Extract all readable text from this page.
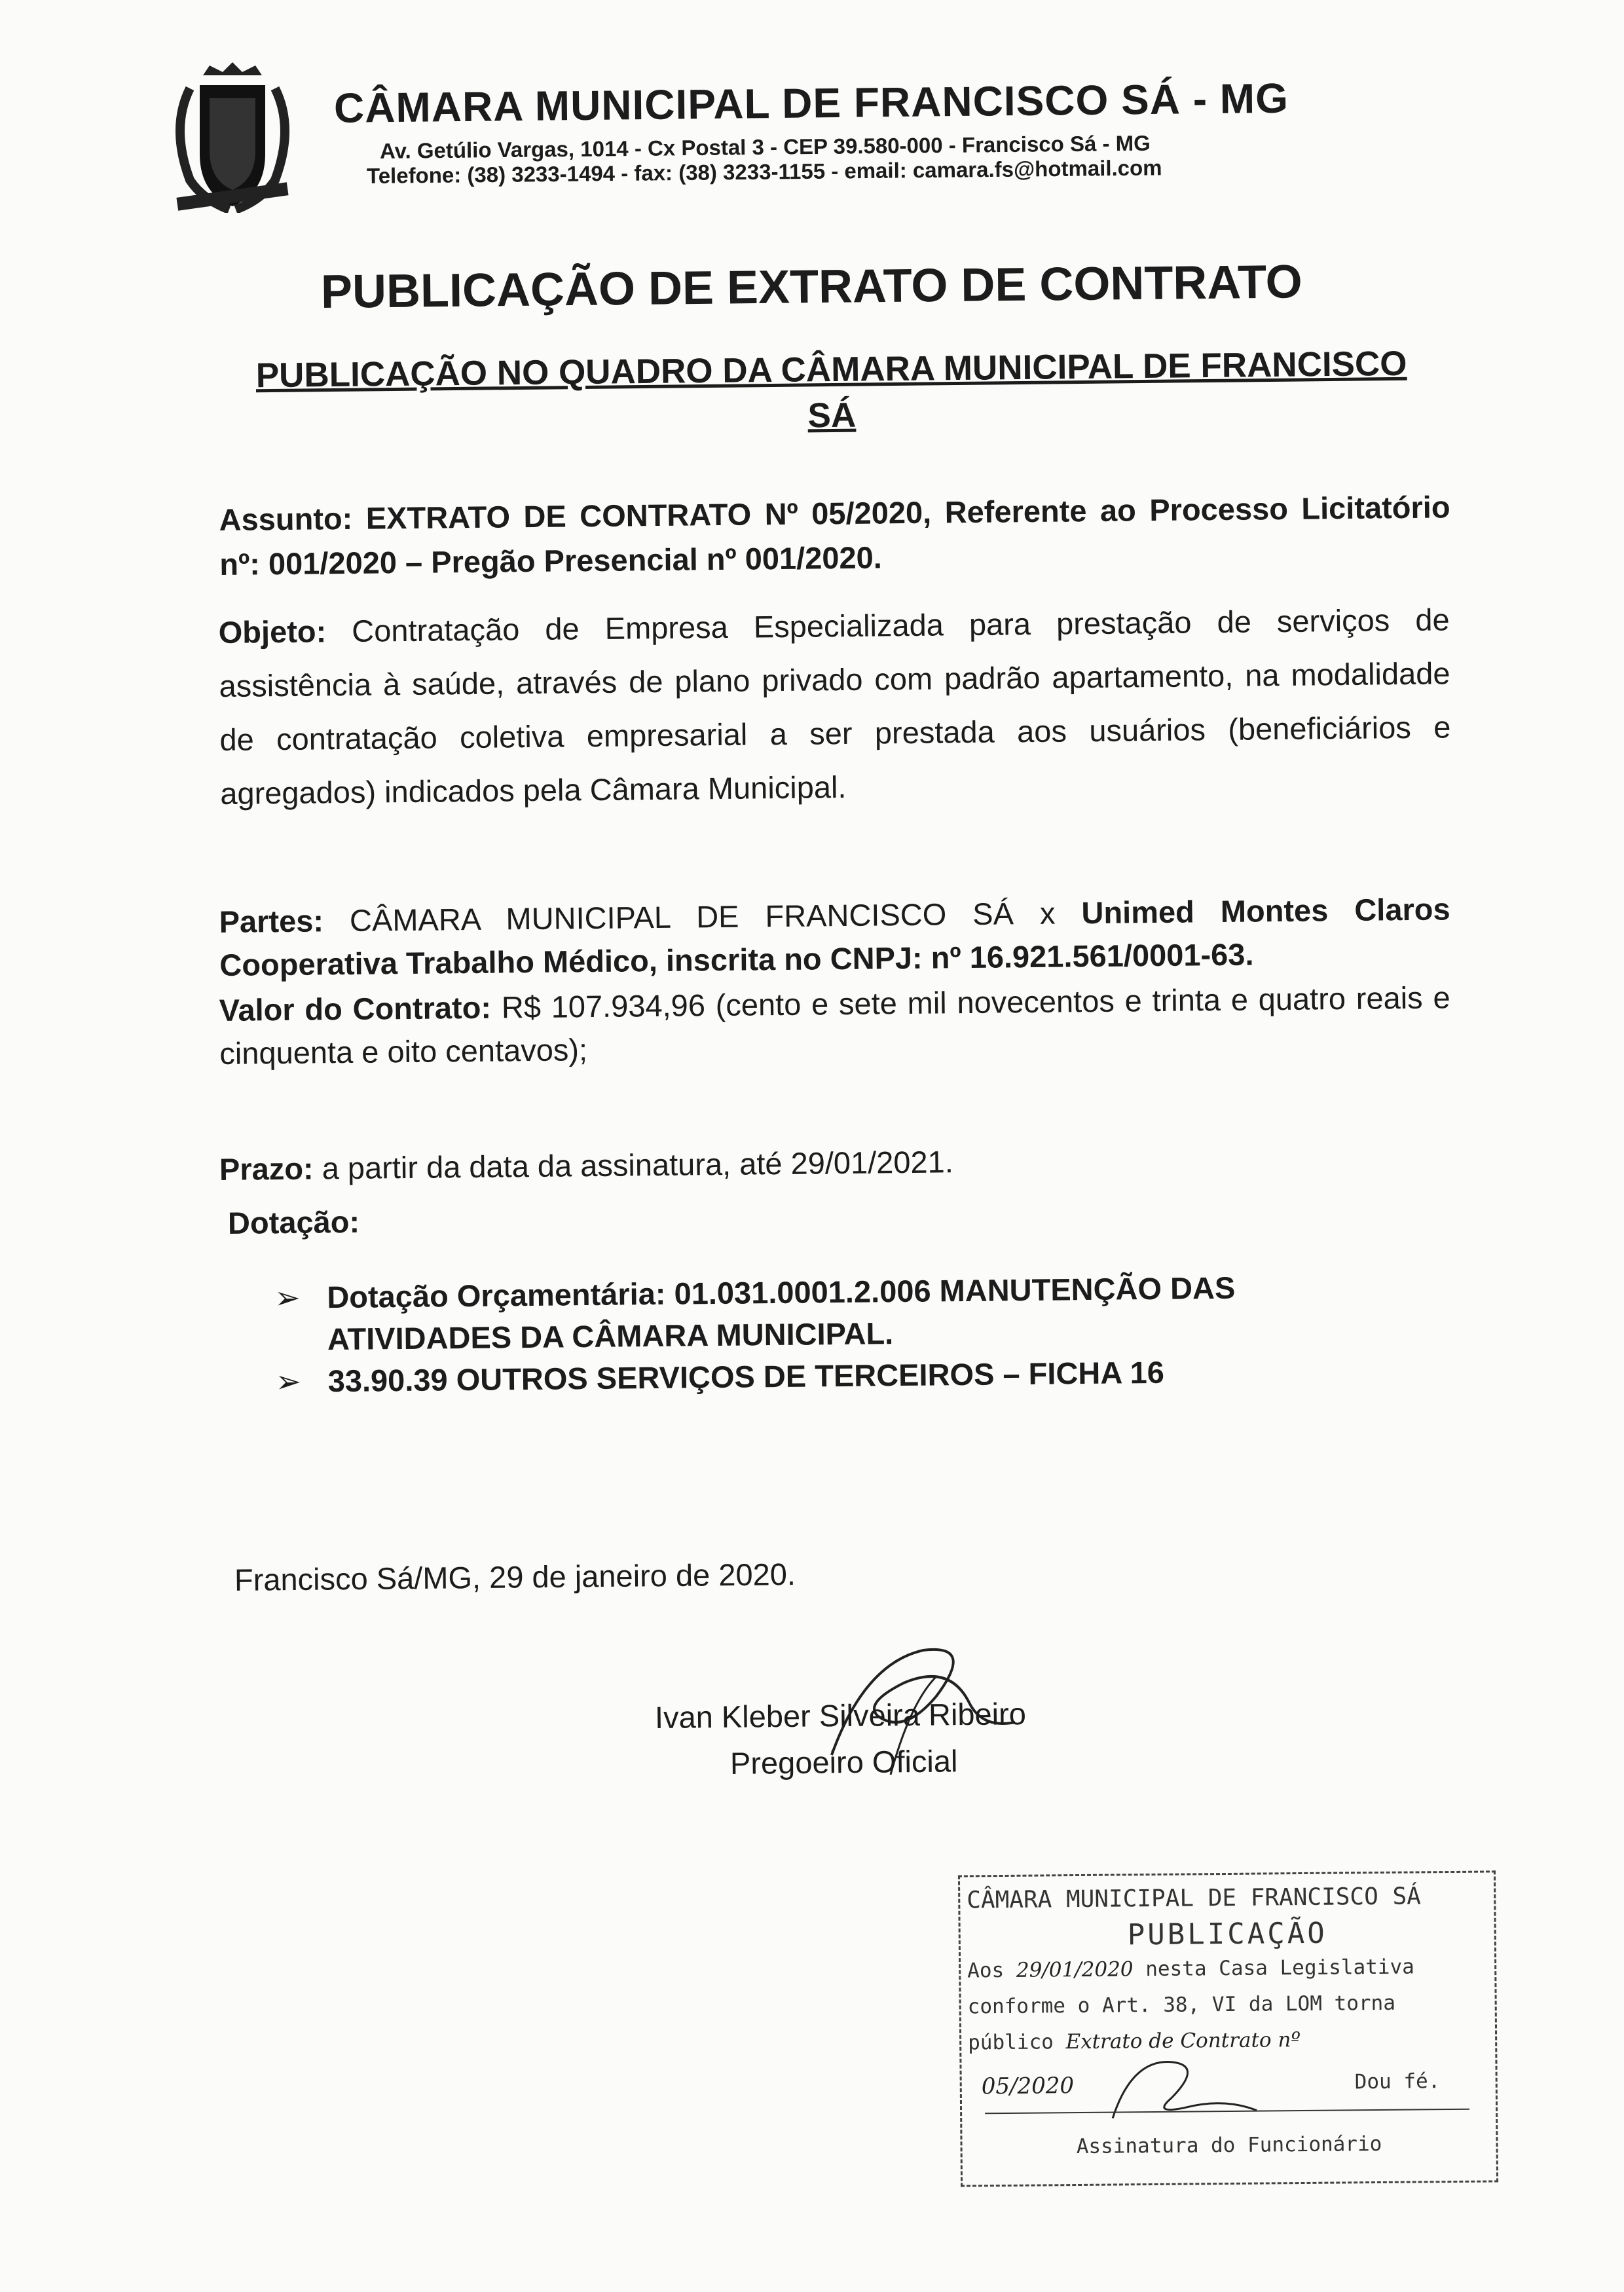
CÂMARA MUNICIPAL DE FRANCISCO SÁ - MG
Av. Getúlio Vargas, 1014 - Cx Postal 3 - CEP 39.580-000 - Francisco Sá - MG
Telefone: (38) 3233-1494 - fax: (38) 3233-1155 - email: camara.fs@hotmail.com
PUBLICAÇÃO DE EXTRATO DE CONTRATO
PUBLICAÇÃO NO QUADRO DA CÂMARA MUNICIPAL DE FRANCISCO SÁ
Assunto: EXTRATO DE CONTRATO Nº 05/2020, Referente ao Processo Licitatório nº: 001/2020 – Pregão Presencial nº 001/2020.
Objeto: Contratação de Empresa Especializada para prestação de serviços de assistência à saúde, através de plano privado com padrão apartamento, na modalidade de contratação coletiva empresarial a ser prestada aos usuários (beneficiários e agregados) indicados pela Câmara Municipal.
Partes: CÂMARA MUNICIPAL DE FRANCISCO SÁ x Unimed Montes Claros Cooperativa Trabalho Médico, inscrita no CNPJ: nº 16.921.561/0001-63.
Valor do Contrato: R$ 107.934,96 (cento e sete mil novecentos e trinta e quatro reais e cinquenta e oito centavos);
Prazo: a partir da data da assinatura, até 29/01/2021.
Dotação:
➢ Dotação Orçamentária: 01.031.0001.2.006 MANUTENÇÃO DAS ATIVIDADES DA CÂMARA MUNICIPAL.
➢ 33.90.39 OUTROS SERVIÇOS DE TERCEIROS – FICHA 16
Francisco Sá/MG, 29 de janeiro de 2020.
Ivan Kleber Silveira Ribeiro
Pregoeiro Oficial
CÂMARA MUNICIPAL DE FRANCISCO SÁ
PUBLICAÇÃO
Aos 29/01/2020 nesta Casa Legislativa
conforme o Art. 38, VI da LOM torna
público Extrato de Contrato nº
05/2020	Dou fé.
Assinatura do Funcionário
